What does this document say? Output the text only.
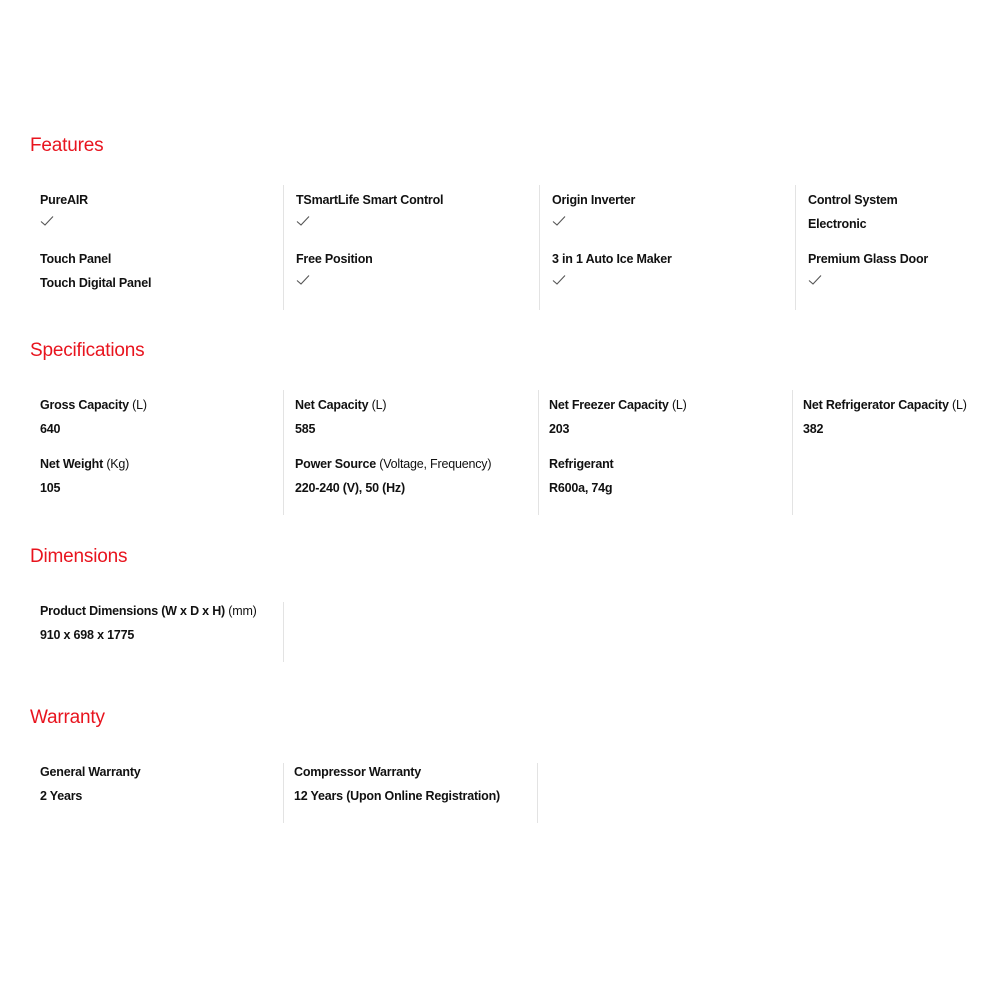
Features
PureAIR
Touch Panel
Touch Digital Panel
TSmartLife Smart Control
Free Position
Origin Inverter
3 in 1 Auto Ice Maker
Control System
Electronic
Premium Glass Door
Specifications
Gross Capacity (L)
640
Net Weight (Kg)
105
Net Capacity (L)
585
Power Source (Voltage, Frequency)
220-240 (V), 50 (Hz)
Net Freezer Capacity (L)
203
Refrigerant
R600a, 74g
Net Refrigerator Capacity (L)
382
Dimensions
Product Dimensions (W x D x H) (mm)
910 x 698 x 1775
Warranty
General Warranty
2 Years
Compressor Warranty
12 Years (Upon Online Registration)
